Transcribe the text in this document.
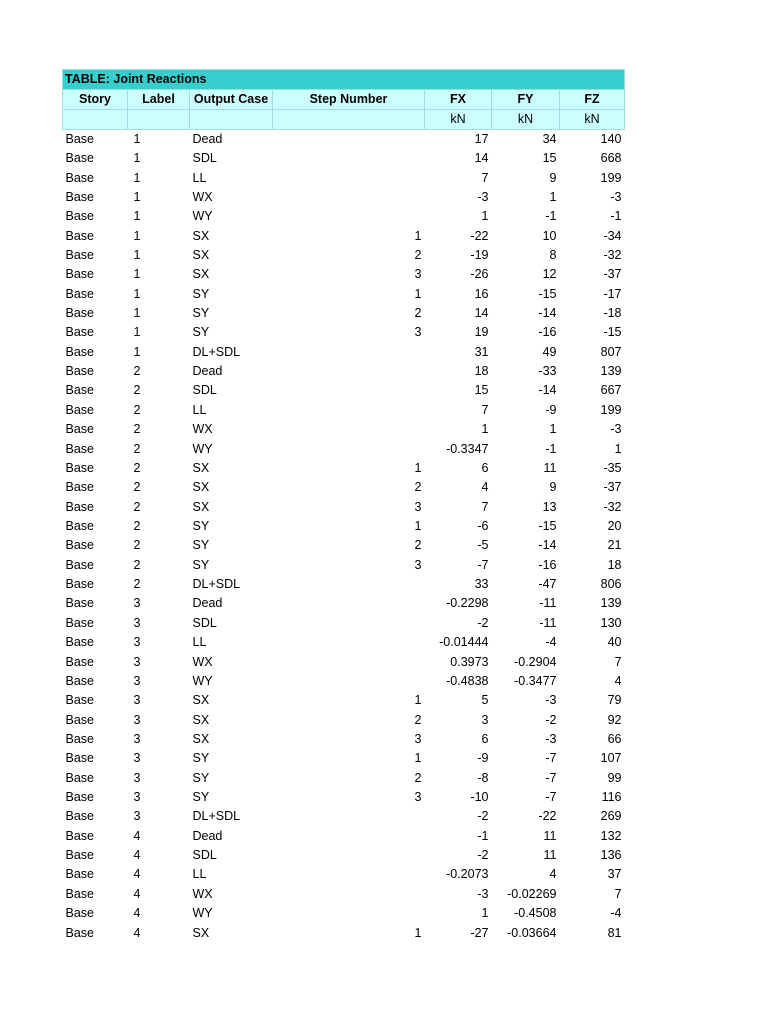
TABLE: Joint Reactions						
Story	Label	Output Case	Step Number	FX	FY	FZ
				kN	kN	kN
Base	1	Dead		17	34	140
Base	1	SDL		14	15	668
Base	1	LL		7	9	199
Base	1	WX		-3	1	-3
Base	1	WY		1	-1	-1
Base	1	SX	1	-22	10	-34
Base	1	SX	2	-19	8	-32
Base	1	SX	3	-26	12	-37
Base	1	SY	1	16	-15	-17
Base	1	SY	2	14	-14	-18
Base	1	SY	3	19	-16	-15
Base	1	DL+SDL		31	49	807
Base	2	Dead		18	-33	139
Base	2	SDL		15	-14	667
Base	2	LL		7	-9	199
Base	2	WX		1	1	-3
Base	2	WY		-0.3347	-1	1
Base	2	SX	1	6	11	-35
Base	2	SX	2	4	9	-37
Base	2	SX	3	7	13	-32
Base	2	SY	1	-6	-15	20
Base	2	SY	2	-5	-14	21
Base	2	SY	3	-7	-16	18
Base	2	DL+SDL		33	-47	806
Base	3	Dead		-0.2298	-11	139
Base	3	SDL		-2	-11	130
Base	3	LL		-0.01444	-4	40
Base	3	WX		0.3973	-0.2904	7
Base	3	WY		-0.4838	-0.3477	4
Base	3	SX	1	5	-3	79
Base	3	SX	2	3	-2	92
Base	3	SX	3	6	-3	66
Base	3	SY	1	-9	-7	107
Base	3	SY	2	-8	-7	99
Base	3	SY	3	-10	-7	116
Base	3	DL+SDL		-2	-22	269
Base	4	Dead		-1	11	132
Base	4	SDL		-2	11	136
Base	4	LL		-0.2073	4	37
Base	4	WX		-3	-0.02269	7
Base	4	WY		1	-0.4508	-4
Base	4	SX	1	-27	-0.03664	81
